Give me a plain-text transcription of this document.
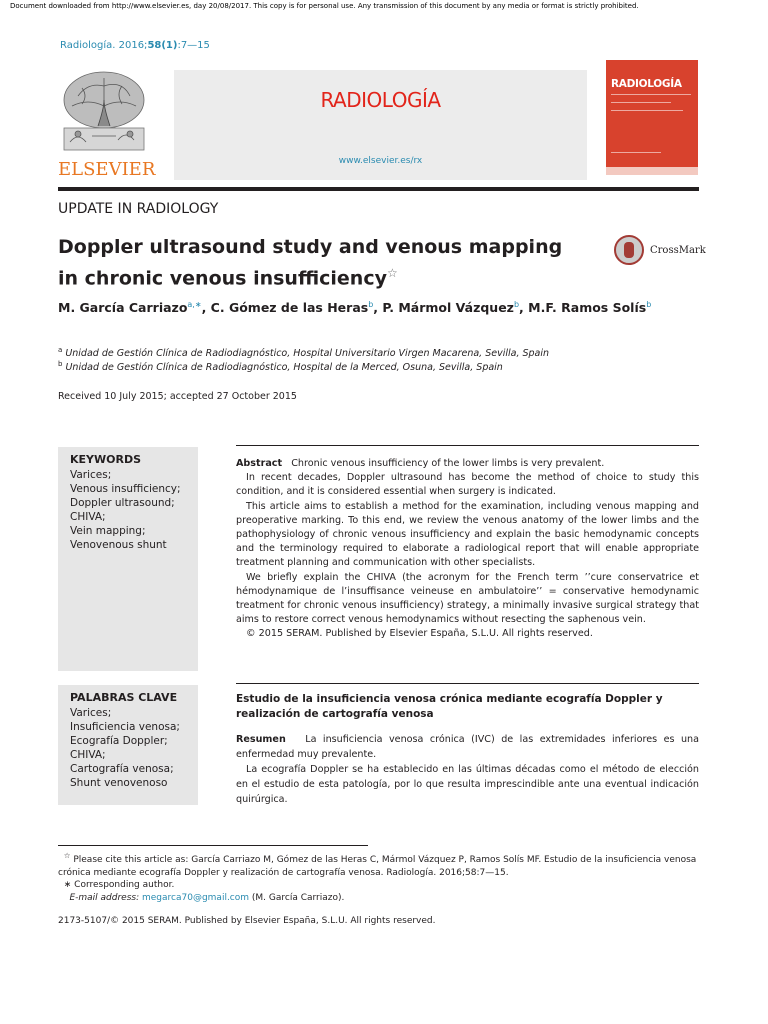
Document downloaded from http://www.elsevier.es, day 20/08/2017. This copy is for personal use. Any transmission of this document by any media or format is strictly prohibited.
Radiología. 2016;58(1):7—15
ELSEVIER
RADIOLOGÍA
www.elsevier.es/rx
RADIOLOGÍA
UPDATE IN RADIOLOGY
Doppler ultrasound study and venous mapping
in chronic venous insufficiency☆
CrossMark
M. García Carriazo$^{a,∗}$, C. Gómez de las Heras$^b$, P. Mármol Vázquez$^b$, M.F. Ramos Solís$^b$
$^a$ Unidad de Gestión Clínica de Radiodiagnóstico, Hospital Universitario Virgen Macarena, Sevilla, Spain
$^b$ Unidad de Gestión Clínica de Radiodiagnóstico, Hospital de la Merced, Osuna, Sevilla, Spain
Received 10 July 2015; accepted 27 October 2015
KEYWORDS
Varices;
Venous insufficiency;
Doppler ultrasound;
CHIVA;
Vein mapping;
Venovenous shunt

Abstract Chronic venous insufficiency of the lower limbs is very prevalent.

In recent decades, Doppler ultrasound has become the method of choice to study this condition, and it is considered essential when surgery is indicated.

This article aims to establish a method for the examination, including venous mapping and preoperative marking. To this end, we review the venous anatomy of the lower limbs and the pathophysiology of chronic venous insufficiency and explain the basic hemodynamic concepts and the terminology required to elaborate a radiological report that will enable appropriate treatment planning and communication with other specialists.

We briefly explain the CHIVA (the acronym for the French term ’’cure conservatrice et hémodynamique de l’insuffisance veineuse en ambulatoire’’ = conservative hemodynamic treatment for chronic venous insufficiency) strategy, a minimally invasive surgical strategy that aims to restore correct venous hemodynamics without resecting the saphenous vein.

© 2015 SERAM. Published by Elsevier España, S.L.U. All rights reserved.

PALABRAS CLAVE
Varices;
Insuficiencia venosa;
Ecografía Doppler;
CHIVA;
Cartografía venosa;
Shunt venovenoso
Estudio de la insuficiencia venosa crónica mediante ecografía Doppler y realización de cartografía venosa

Resumen La insuficiencia venosa crónica (IVC) de las extremidades inferiores es una enfermedad muy prevalente.

La ecografía Doppler se ha establecido en las últimas décadas como el método de elección en el estudio de esta patología, por lo que resulta imprescindible ante una eventual indicación quirúrgica.

☆ Please cite this article as: García Carriazo M, Gómez de las Heras C, Mármol Vázquez P, Ramos Solís MF. Estudio de la insuficiencia venosa crónica mediante ecografía Doppler y realización de cartografía venosa. Radiología. 2016;58:7—15.

∗ Corresponding author.

E-mail address: megarca70@gmail.com (M. García Carriazo).

2173-5107/© 2015 SERAM. Published by Elsevier España, S.L.U. All rights reserved.
